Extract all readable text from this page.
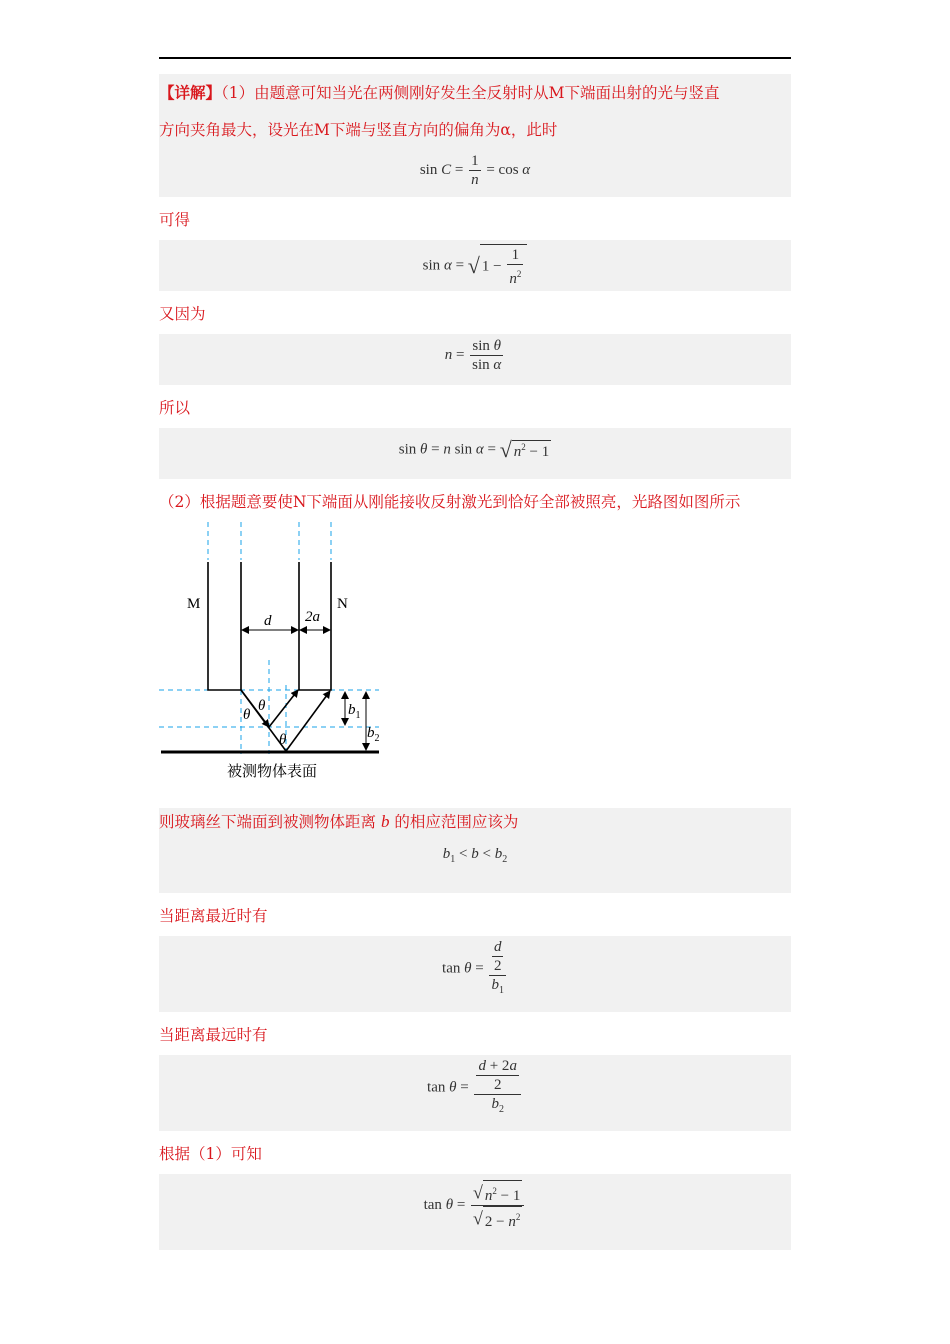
【详解】（1）由题意可知当光在两侧刚好发生全反射时从M下端面出射的光与竖直
方向夹角最大，设光在M下端与竖直方向的偏角为α，此时
$\sin C = \frac{1}{n} = \cos \alpha$
可得
sin α = √ $1 - \frac{1}{n^2}$
又因为
$n = \frac{\text{sin θ}}{\text{sin α}}$
所以
sin θ = n sin α = √ $n^2 - 1$
（2）根据题意要使N下端面从刚能接收反射激光到恰好全部被照亮，光路图如图所示
M	N
d 2a
θ
θ
θ
$b_1$
$b_2$
被测物体表面
则玻璃丝下端面到被测物体距离 b 的相应范围应该为
$b_1 < b < b_2$
当距离最近时有
$\tan \theta = \frac{\frac{d}{2}}{b_1}$
当距离最远时有
$\tan \theta = \frac{\frac{d + 2a}{2}}{b_2}$
根据（1）可知
$\tan \theta = \frac{√ n^2 - 1}{√ 2 - n^2}$
